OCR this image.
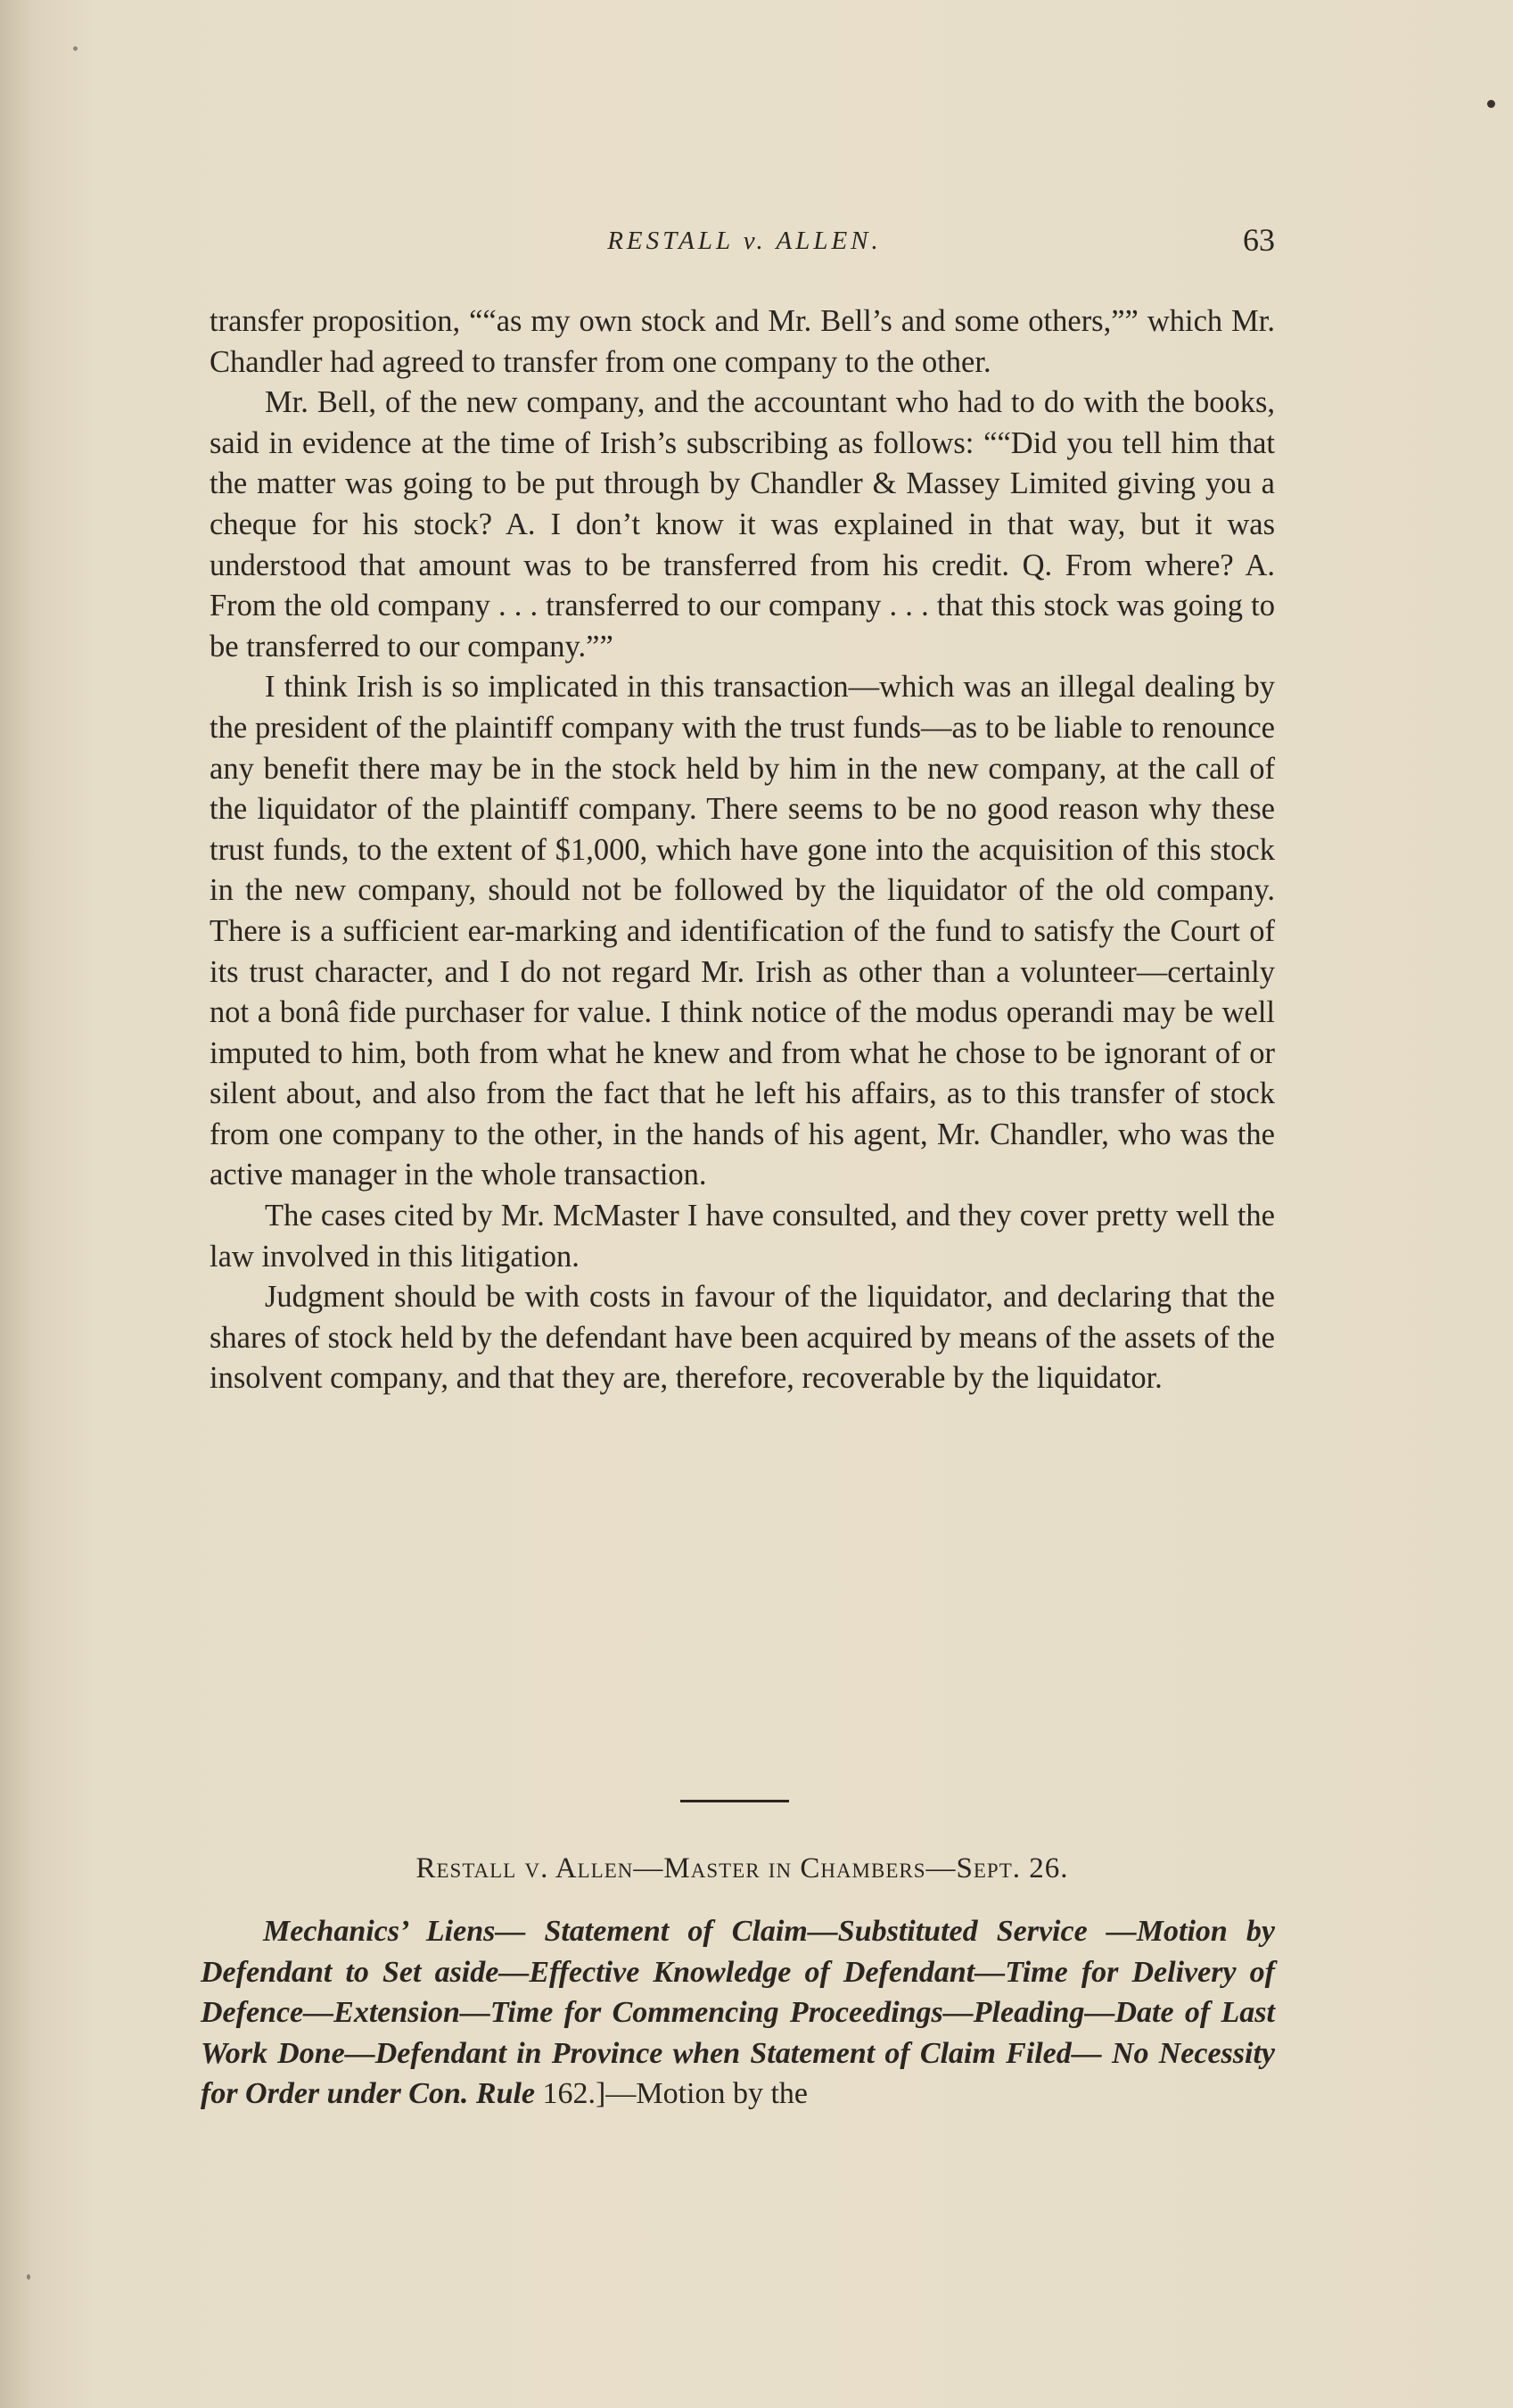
RESTALL v. ALLEN.	63

transfer proposition, ““as my own stock and Mr. Bell’s and some others,”” which Mr. Chandler had agreed to transfer from one company to the other.

Mr. Bell, of the new company, and the accountant who had to do with the books, said in evidence at the time of Irish’s subscribing as follows: ““Did you tell him that the matter was going to be put through by Chandler & Massey Limited giving you a cheque for his stock? A. I don’t know it was explained in that way, but it was understood that amount was to be transferred from his credit. Q. From where? A. From the old company . . . transferred to our company . . . that this stock was going to be transferred to our company.””

I think Irish is so implicated in this transaction—which was an illegal dealing by the president of the plaintiff company with the trust funds—as to be liable to renounce any benefit there may be in the stock held by him in the new company, at the call of the liquidator of the plaintiff company. There seems to be no good reason why these trust funds, to the extent of $1,000, which have gone into the acquisition of this stock in the new company, should not be followed by the liquidator of the old company. There is a sufficient ear-marking and identification of the fund to satisfy the Court of its trust character, and I do not regard Mr. Irish as other than a volunteer—certainly not a bonâ fide purchaser for value. I think notice of the modus operandi may be well imputed to him, both from what he knew and from what he chose to be ignorant of or silent about, and also from the fact that he left his affairs, as to this transfer of stock from one company to the other, in the hands of his agent, Mr. Chandler, who was the active manager in the whole transaction.

The cases cited by Mr. McMaster I have consulted, and they cover pretty well the law involved in this litigation.

Judgment should be with costs in favour of the liquidator, and declaring that the shares of stock held by the defendant have been acquired by means of the assets of the insolvent company, and that they are, therefore, recoverable by the liquidator.

Restall v. Allen—Master in Chambers—Sept. 26.

Mechanics’ Liens— Statement of Claim—Substituted Service —Motion by Defendant to Set aside—Effective Knowledge of Defendant—Time for Delivery of Defence—Extension—Time for Commencing Proceedings—Pleading—Date of Last Work Done—Defendant in Province when Statement of Claim Filed— No Necessity for Order under Con. Rule 162.]—Motion by the
